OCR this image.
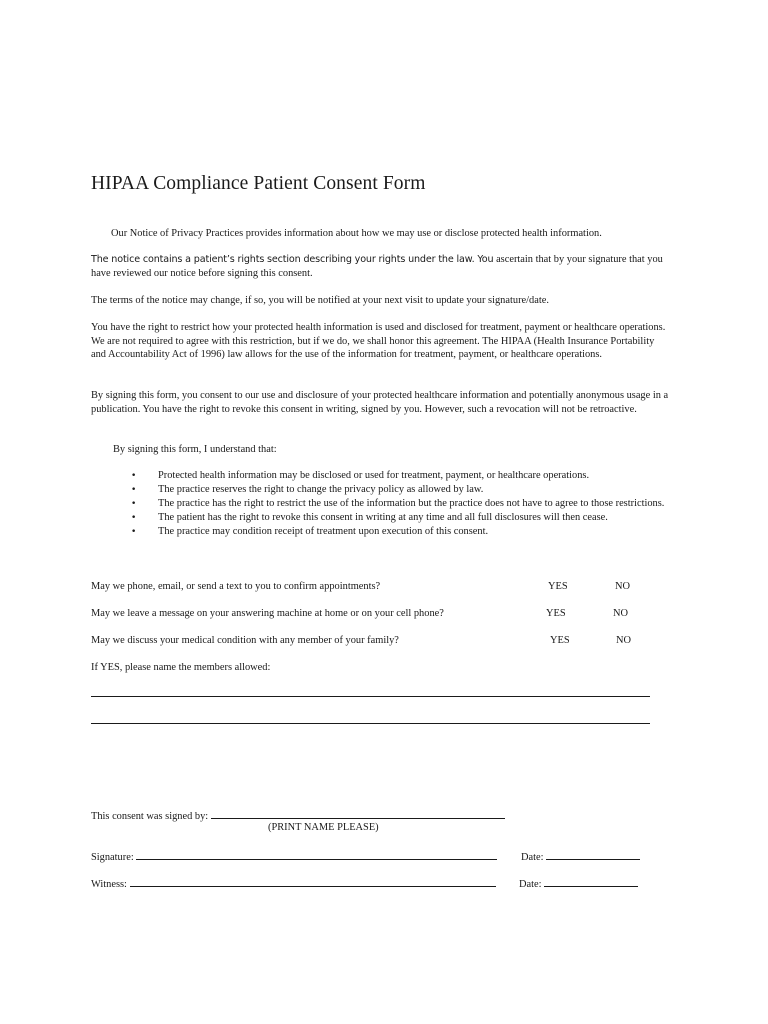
HIPAA Compliance Patient Consent Form

Our Notice of Privacy Practices provides information about how we may use or disclose protected health information.

The notice contains a patient’s rights section describing your rights under the law. You ascertain that by your signature that you have reviewed our notice before signing this consent.

The terms of the notice may change, if so, you will be notified at your next visit to update your signature/date.

You have the right to restrict how your protected health information is used and disclosed for treatment, payment or healthcare operations. We are not required to agree with this restriction, but if we do, we shall honor this agreement. The HIPAA (Health Insurance Portability and Accountability Act of 1996) law allows for the use of the information for treatment, payment, or healthcare operations.

By signing this form, you consent to our use and disclosure of your protected healthcare information and potentially anonymous usage in a publication. You have the right to revoke this consent in writing, signed by you. However, such a revocation will not be retroactive.

By signing this form, I understand that:

• Protected health information may be disclosed or used for treatment, payment, or healthcare operations.
• The practice reserves the right to change the privacy policy as allowed by law.
• The practice has the right to restrict the use of the information but the practice does not have to agree to those restrictions.
• The patient has the right to revoke this consent in writing at any time and all full disclosures will then cease.
• The practice may condition receipt of treatment upon execution of this consent.

May we phone, email, or send a text to you to confirm appointments?	YES	NO

May we leave a message on your answering machine at home or on your cell phone?	YES	NO

May we discuss your medical condition with any member of your family?	YES	NO

If YES, please name the members allowed:

This consent was signed by:
(PRINT NAME PLEASE)
Signature:	Date:
Witness:	Date:
